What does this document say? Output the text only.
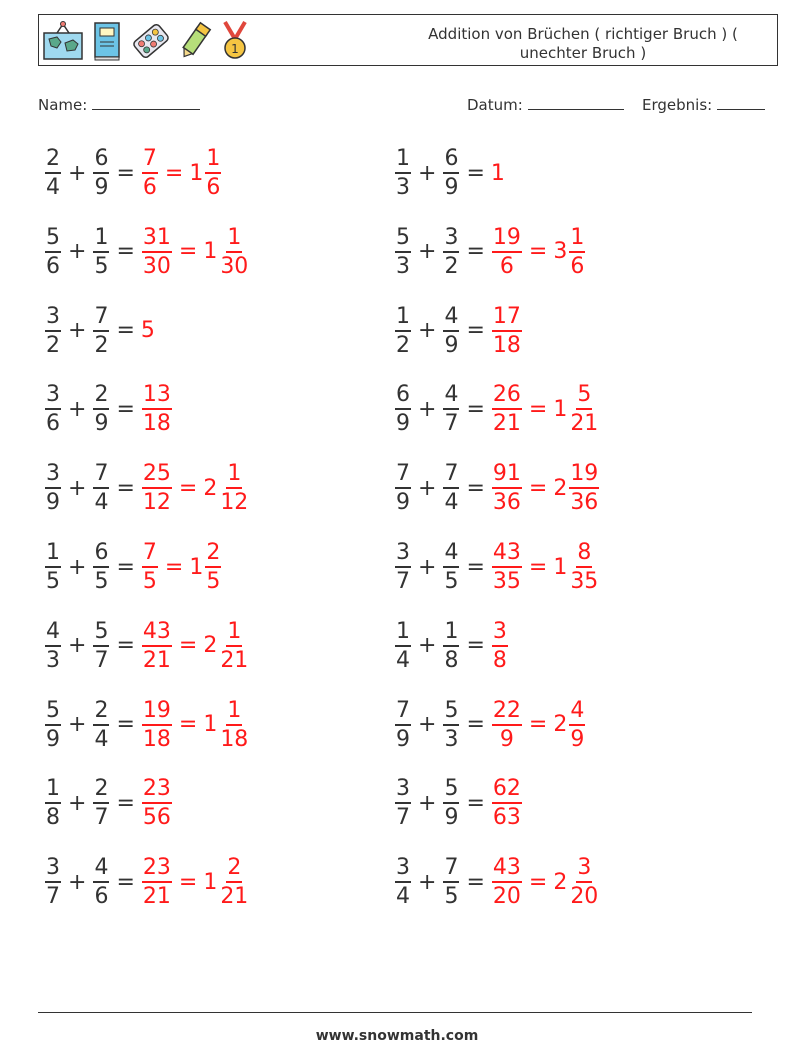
1
Addition von Brüchen ( richtiger Bruch ) ( unechter Bruch )
Name:	Datum:	Ergebnis:
$\frac{2}{4} + \frac{6}{9} = \frac{7}{6} = 1 \frac{1}{6}$
$\frac{5}{6} + \frac{1}{5} = \frac{31}{30} = 1 \frac{1}{30}$
$\frac{3}{2} + \frac{7}{2} = 5$
$\frac{3}{6} + \frac{2}{9} = \frac{13}{18}$
$\frac{3}{9} + \frac{7}{4} = \frac{25}{12} = 2 \frac{1}{12}$
$\frac{1}{5} + \frac{6}{5} = \frac{7}{5} = 1 \frac{2}{5}$
$\frac{4}{3} + \frac{5}{7} = \frac{43}{21} = 2 \frac{1}{21}$
$\frac{5}{9} + \frac{2}{4} = \frac{19}{18} = 1 \frac{1}{18}$
$\frac{1}{8} + \frac{2}{7} = \frac{23}{56}$
$\frac{3}{7} + \frac{4}{6} = \frac{23}{21} = 1 \frac{2}{21}$
$\frac{1}{3} + \frac{6}{9} = 1$
$\frac{5}{3} + \frac{3}{2} = \frac{19}{6} = 3 \frac{1}{6}$
$\frac{1}{2} + \frac{4}{9} = \frac{17}{18}$
$\frac{6}{9} + \frac{4}{7} = \frac{26}{21} = 1 \frac{5}{21}$
$\frac{7}{9} + \frac{7}{4} = \frac{91}{36} = 2 \frac{19}{36}$
$\frac{3}{7} + \frac{4}{5} = \frac{43}{35} = 1 \frac{8}{35}$
$\frac{1}{4} + \frac{1}{8} = \frac{3}{8}$
$\frac{7}{9} + \frac{5}{3} = \frac{22}{9} = 2 \frac{4}{9}$
$\frac{3}{7} + \frac{5}{9} = \frac{62}{63}$
$\frac{3}{4} + \frac{7}{5} = \frac{43}{20} = 2 \frac{3}{20}$
www.snowmath.com
